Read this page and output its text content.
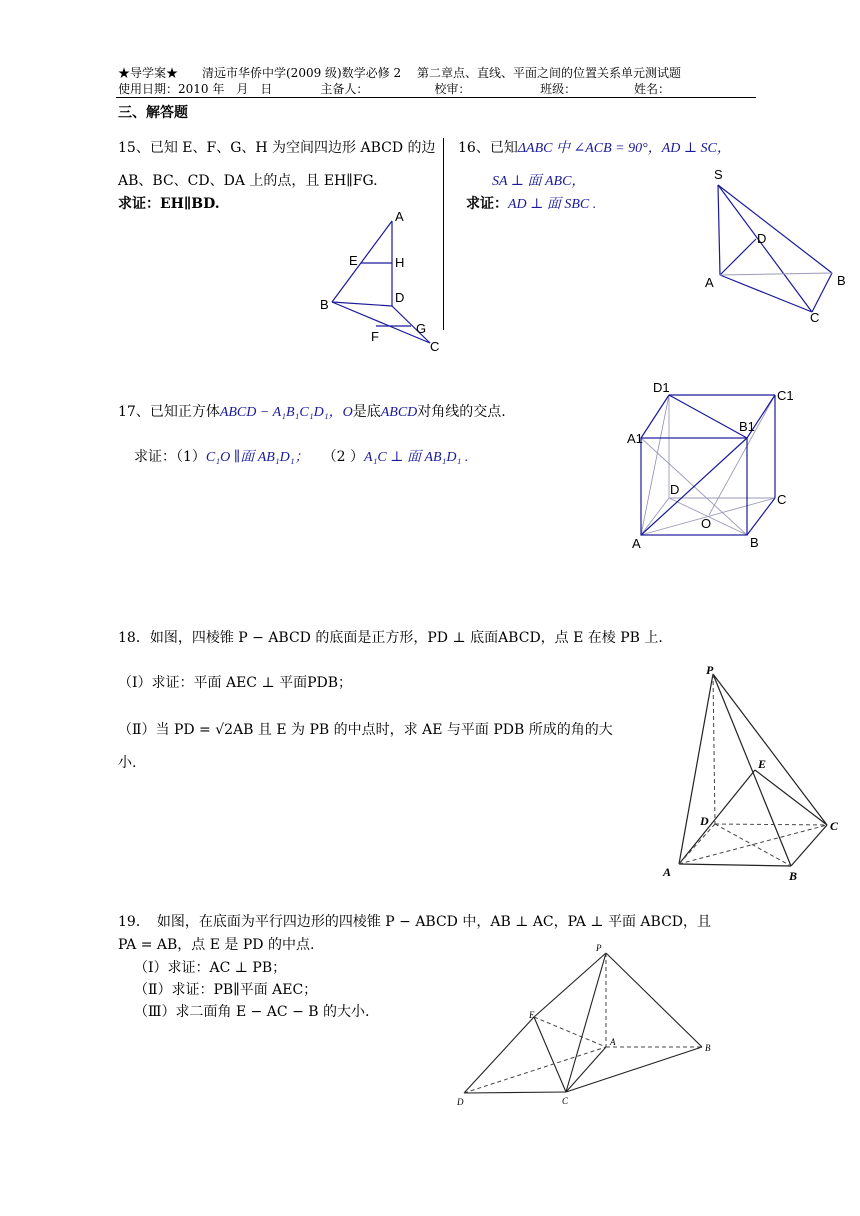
★导学案★　　清远市华侨中学(2009 级)数学必修 2　 第二章点、直线、平面之间的位置关系单元测试题
使用日期：2010 年　月　日　　　　主备人：　　　　　　校审：　　　　　　 班级：　　　　　 姓名：
三、解答题
15、已知 E、F、G、H 为空间四边形 ABCD 的边
AB、BC、CD、DA 上的点，且 EH∥FG.
求证：EH∥BD.
A
E	H
B	D
F
G
C
16、已知ΔABC 中 ∠ACB = 90°，AD ⊥ SC，
SA ⊥ 面 ABC，
求证：AD ⊥ 面 SBC .
S
D
A	B
C
17、已知正方体ABCD − A₁B₁C₁D₁，O是底ABCD对角线的交点.
求证：（1）C₁O ∥面 AB₁D₁；　　 （2 ）A₁C ⊥ 面 AB₁D₁ .
D1
C1
A1
B1
D
C
O
A	B
18．如图，四棱锥 P − ABCD 的底面是正方形，PD ⊥ 底面ABCD，点 E 在棱 PB 上.
（Ⅰ）求证：平面 AEC ⊥ 平面PDB；
（Ⅱ）当 PD = √2AB 且 E 为 PB 的中点时，求 AE 与平面 PDB 所成的角的大
小.
P
E
D	C
A	B
19．　如图，在底面为平行四边形的四棱锥 P − ABCD 中，AB ⊥ AC，PA ⊥ 平面 ABCD，且
PA = AB，点 E 是 PD 的中点.
（Ⅰ）求证：AC ⊥ PB；
（Ⅱ）求证：PB∥平面 AEC；
（Ⅲ）求二面角 E − AC − B 的大小.
P
E
A
B
D	C
